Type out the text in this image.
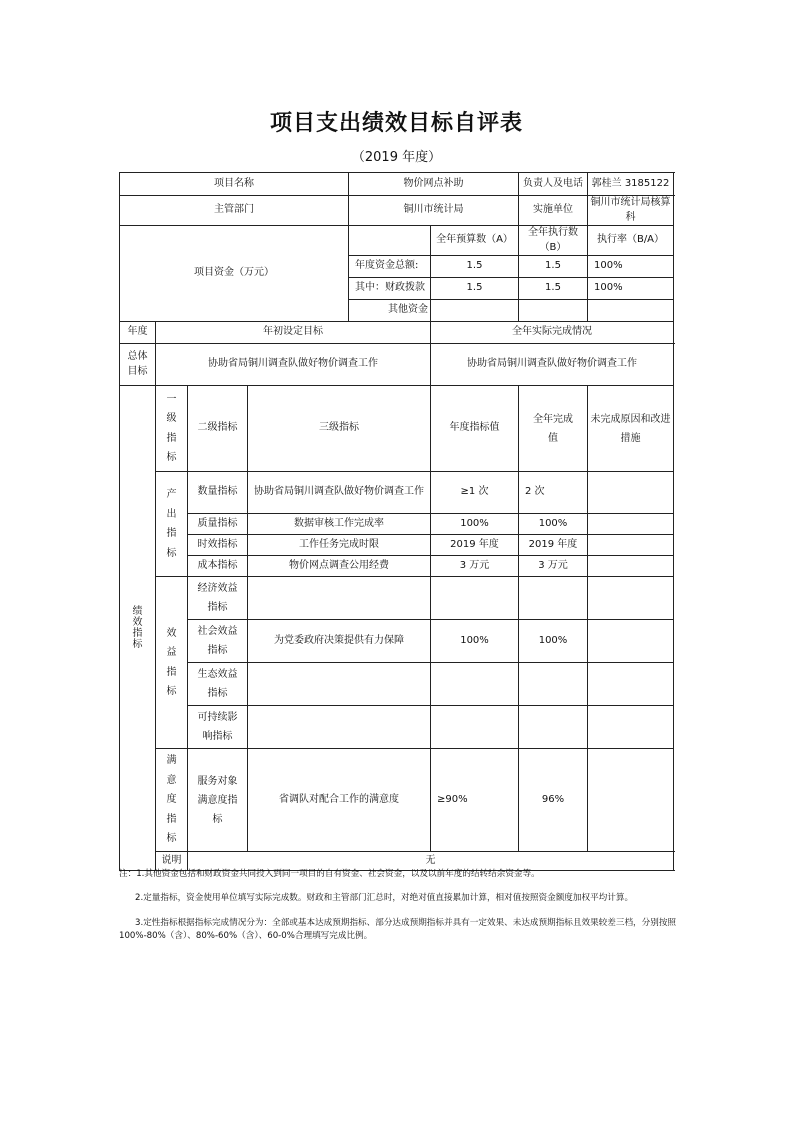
项目支出绩效目标自评表
（2019 年度）
项目名称				物价网点补助		负责人及电话	郭桂兰 3185122
主管部门				铜川市统计局		实施单位	铜川市统计局核算科
项目资金（万元）					全年预算数（A）	全年执行数（B）	执行率（B/A）
				年度资金总额:	1.5	1.5	100%
				其中：财政拨款	1.5	1.5	100%
				其他资金			
年度	年初设定目标				全年实际完成情况		

总体
目标	协助省局铜川调查队做好物价调查工作				协助省局铜川调查队做好物价调查工作		

绩效指标	一级指标	二级指标	三级指标		年度指标值	全年完成值	未完成原因和改进措施

	产出指标	数量指标	协助省局铜川调查队做好物价调查工作		≥1 次	2 次	
		质量指标	数据审核工作完成率		100%	100%	
		时效指标	工作任务完成时限		2019 年度	2019 年度	
		成本指标	物价网点调查公用经费		3 万元	3 万元	

	效益指标	经济效益指标					

		社会效益指标	为党委政府决策提供有力保障		100%	100%	

		生态效益指标					

		可持续影响指标					

	满意度指标	服务对象满意度指标	省调队对配合工作的满意度		≥90%	96%	
	说明	无					

注：1.其他资金包括和财政资金共同投入到同一项目的自有资金、社会资金，以及以前年度的结转结余资金等。

2.定量指标，资金使用单位填写实际完成数。财政和主管部门汇总时，对绝对值直接累加计算，相对值按照资金额度加权平均计算。

3.定性指标根据指标完成情况分为：全部或基本达成预期指标、部分达成预期指标并具有一定效果、未达成预期指标且效果较差三档，分别按照 100%-80%（含）、80%-60%（含）、60-0%合理填写完成比例。
